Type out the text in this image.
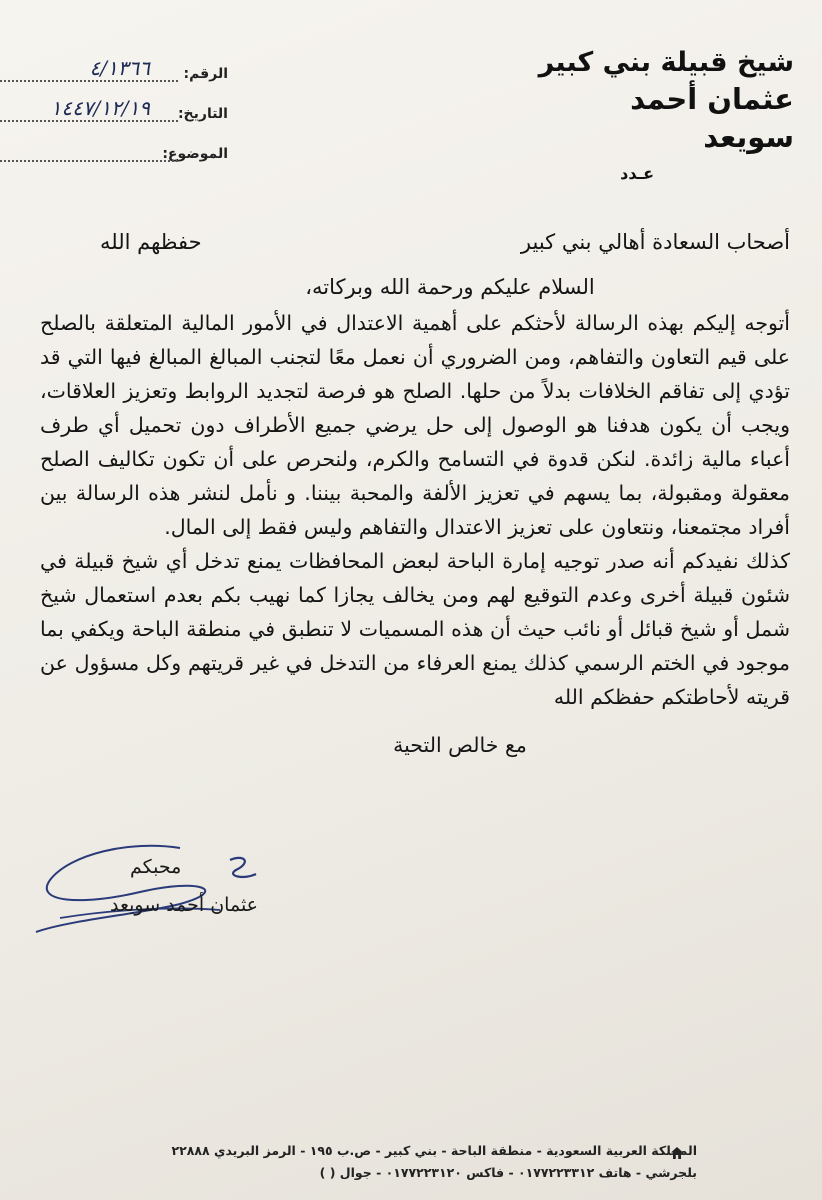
شيخ قبيلة بني كبير
عثمان أحمد سويعد
عـدد
الرقم:
٤/١٣٦٦
التاريخ:
١٤٤٧/١٢/١٩
الموضوع:
أصحاب السعادة أهالي بني كبير
حفظهم الله

السلام عليكم ورحمة الله وبركاته،

أتوجه إليكم بهذه الرسالة لأحثكم على أهمية الاعتدال في الأمور المالية المتعلقة بالصلح على قيم التعاون والتفاهم، ومن الضروري أن نعمل معًا لتجنب المبالغ المبالغ فيها التي قد تؤدي إلى تفاقم الخلافات بدلاً من حلها. الصلح هو فرصة لتجديد الروابط وتعزيز العلاقات، ويجب أن يكون هدفنا هو الوصول إلى حل يرضي جميع الأطراف دون تحميل أي طرف أعباء مالية زائدة. لنكن قدوة في التسامح والكرم، ولنحرص على أن تكون تكاليف الصلح معقولة ومقبولة، بما يسهم في تعزيز الألفة والمحبة بيننا. و نأمل لنشر هذه الرسالة بين أفراد مجتمعنا، ونتعاون على تعزيز الاعتدال والتفاهم وليس فقط إلى المال.

كذلك نفيدكم أنه صدر توجيه إمارة الباحة لبعض المحافظات يمنع تدخل أي شيخ قبيلة في شئون قبيلة أخرى وعدم التوقيع لهم ومن يخالف يجازا كما نهيب بكم بعدم استعمال شيخ شمل أو شيخ قبائل أو نائب حيث أن هذه المسميات لا تنطبق في منطقة الباحة ويكفي بما موجود في الختم الرسمي كذلك يمنع العرفاء من التدخل في غير قريتهم وكل مسؤول عن قريته لأحاطتكم حفظكم الله

مع خالص التحية
محبكم
عثمان أحمد سويعد
المملكة العربية السعودية - منطقة الباحة - بني كبير - ص.ب ١٩٥ - الرمز البريدي ٢٢٨٨٨
بلجرشي - هاتف ٠١٧٧٢٢٣٣١٢ - فاكس ٠١٧٧٢٢٣١٢٠ - جوال ( )
